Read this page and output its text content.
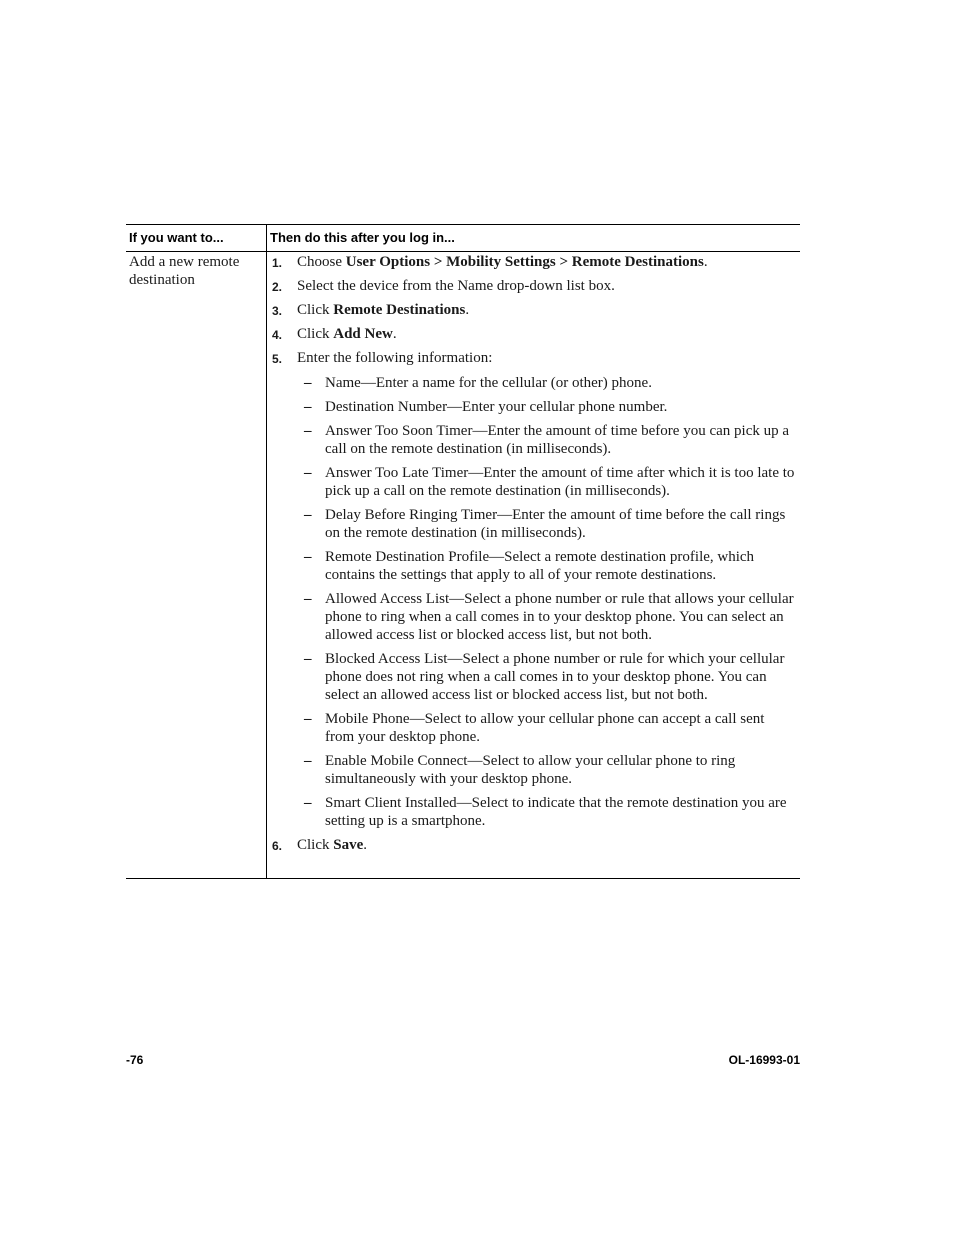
If you want to...	Then do this after you log in...
Add a new remote destination
1. Choose User Options > Mobility Settings > Remote Destinations.
2. Select the device from the Name drop-down list box.
3. Click Remote Destinations.
4. Click Add New.
5. Enter the following information:
– Name—Enter a name for the cellular (or other) phone.
– Destination Number—Enter your cellular phone number.
– Answer Too Soon Timer—Enter the amount of time before you can pick up a call on the remote destination (in milliseconds).
– Answer Too Late Timer—Enter the amount of time after which it is too late to pick up a call on the remote destination (in milliseconds).
– Delay Before Ringing Timer—Enter the amount of time before the call rings on the remote destination (in milliseconds).
– Remote Destination Profile—Select a remote destination profile, which contains the settings that apply to all of your remote destinations.
– Allowed Access List—Select a phone number or rule that allows your cellular phone to ring when a call comes in to your desktop phone. You can select an allowed access list or blocked access list, but not both.
– Blocked Access List—Select a phone number or rule for which your cellular phone does not ring when a call comes in to your desktop phone. You can select an allowed access list or blocked access list, but not both.
– Mobile Phone—Select to allow your cellular phone can accept a call sent from your desktop phone.
– Enable Mobile Connect—Select to allow your cellular phone to ring simultaneously with your desktop phone.
– Smart Client Installed—Select to indicate that the remote destination you are setting up is a smartphone.
6. Click Save.
-76	OL-16993-01
